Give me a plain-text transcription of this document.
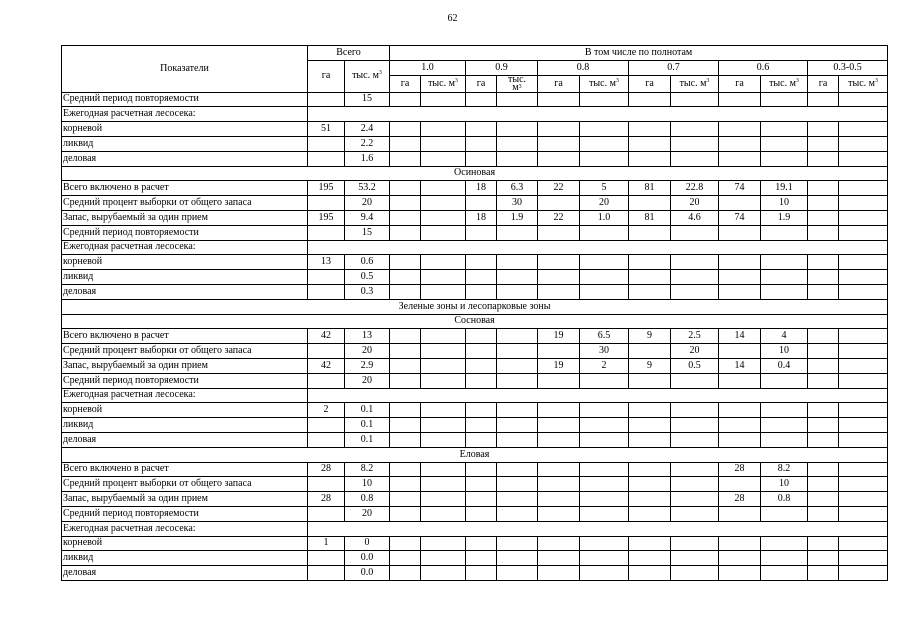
62
Показатели	Всего		В том числе по полнотам											
	га	тыс. $м^3$	1.0		0.9		0.8		0.7		0.6		0.3-0.5	
			га	тыс. $м^3$	га	тыс.
$м^3$	га	тыс. $м^3$	га	тыс. $м^3$	га	тыс. $м^3$	га	тыс. $м^3$
Средний период повторяемости		15												
Ежегодная расчетная лесосека:														
корневой	51	2.4												
ликвид		2.2												
деловая		1.6												
Осиновая														
Всего включено в расчет	195	53.2			18	6.3	22	5	81	22.8	74	19.1		
Средний процент выборки от общего запаса		20				30		20		20		10		
Запас, вырубаемый за один прием	195	9.4			18	1.9	22	1.0	81	4.6	74	1.9		
Средний период повторяемости		15												
Ежегодная расчетная лесосека:														
корневой	13	0.6												
ликвид		0.5												
деловая		0.3												
Зеленые зоны и лесопарковые зоны														
Сосновая														
Всего включено в расчет	42	13					19	6.5	9	2.5	14	4		
Средний процент выборки от общего запаса		20						30		20		10		
Запас, вырубаемый за один прием	42	2.9					19	2	9	0.5	14	0.4		
Средний период повторяемости		20												
Ежегодная расчетная лесосека:														
корневой	2	0.1												
ликвид		0.1												
деловая		0.1												
Еловая														
Всего включено в расчет	28	8.2									28	8.2		
Средний процент выборки от общего запаса		10										10		
Запас, вырубаемый за один прием	28	0.8									28	0.8		
Средний период повторяемости		20												
Ежегодная расчетная лесосека:														
корневой	1	0												
ликвид		0.0												
деловая		0.0												
